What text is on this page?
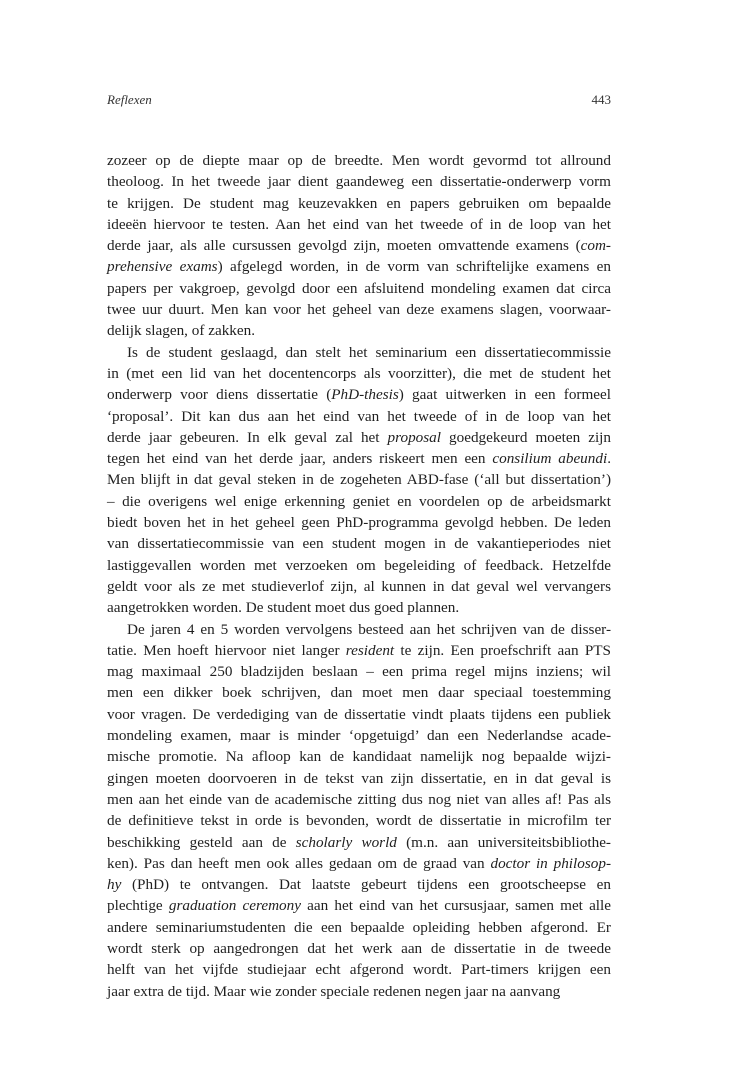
Reflexen	443
zozeer op de diepte maar op de breedte. Men wordt gevormd tot allround
theoloog. In het tweede jaar dient gaandeweg een dissertatie-onderwerp vorm
te krijgen. De student mag keuzevakken en papers gebruiken om bepaalde
ideeën hiervoor te testen. Aan het eind van het tweede of in de loop van het
derde jaar, als alle cursussen gevolgd zijn, moeten omvattende examens (com-
prehensive exams) afgelegd worden, in de vorm van schriftelijke examens en
papers per vakgroep, gevolgd door een afsluitend mondeling examen dat circa
twee uur duurt. Men kan voor het geheel van deze examens slagen, voorwaar-
delijk slagen, of zakken.
Is de student geslaagd, dan stelt het seminarium een dissertatiecommissie
in (met een lid van het docentencorps als voorzitter), die met de student het
onderwerp voor diens dissertatie (PhD-thesis) gaat uitwerken in een formeel
‘proposal’. Dit kan dus aan het eind van het tweede of in de loop van het
derde jaar gebeuren. In elk geval zal het proposal goedgekeurd moeten zijn
tegen het eind van het derde jaar, anders riskeert men een consilium abeundi.
Men blijft in dat geval steken in de zogeheten ABD-fase (‘all but dissertation’)
– die overigens wel enige erkenning geniet en voordelen op de arbeidsmarkt
biedt boven het in het geheel geen PhD-programma gevolgd hebben. De leden
van dissertatiecommissie van een student mogen in de vakantieperiodes niet
lastiggevallen worden met verzoeken om begeleiding of feedback. Hetzelfde
geldt voor als ze met studieverlof zijn, al kunnen in dat geval wel vervangers
aangetrokken worden. De student moet dus goed plannen.
De jaren 4 en 5 worden vervolgens besteed aan het schrijven van de disser-
tatie. Men hoeft hiervoor niet langer resident te zijn. Een proefschrift aan PTS
mag maximaal 250 bladzijden beslaan – een prima regel mijns inziens; wil
men een dikker boek schrijven, dan moet men daar speciaal toestemming
voor vragen. De verdediging van de dissertatie vindt plaats tijdens een publiek
mondeling examen, maar is minder ‘opgetuigd’ dan een Nederlandse acade-
mische promotie. Na afloop kan de kandidaat namelijk nog bepaalde wijzi-
gingen moeten doorvoeren in de tekst van zijn dissertatie, en in dat geval is
men aan het einde van de academische zitting dus nog niet van alles af! Pas als
de definitieve tekst in orde is bevonden, wordt de dissertatie in microfilm ter
beschikking gesteld aan de scholarly world (m.n. aan universiteitsbibliothe-
ken). Pas dan heeft men ook alles gedaan om de graad van doctor in philosop-
hy (PhD) te ontvangen. Dat laatste gebeurt tijdens een grootscheepse en
plechtige graduation ceremony aan het eind van het cursusjaar, samen met alle
andere seminariumstudenten die een bepaalde opleiding hebben afgerond. Er
wordt sterk op aangedrongen dat het werk aan de dissertatie in de tweede
helft van het vijfde studiejaar echt afgerond wordt. Part-timers krijgen een
jaar extra de tijd. Maar wie zonder speciale redenen negen jaar na aanvang
